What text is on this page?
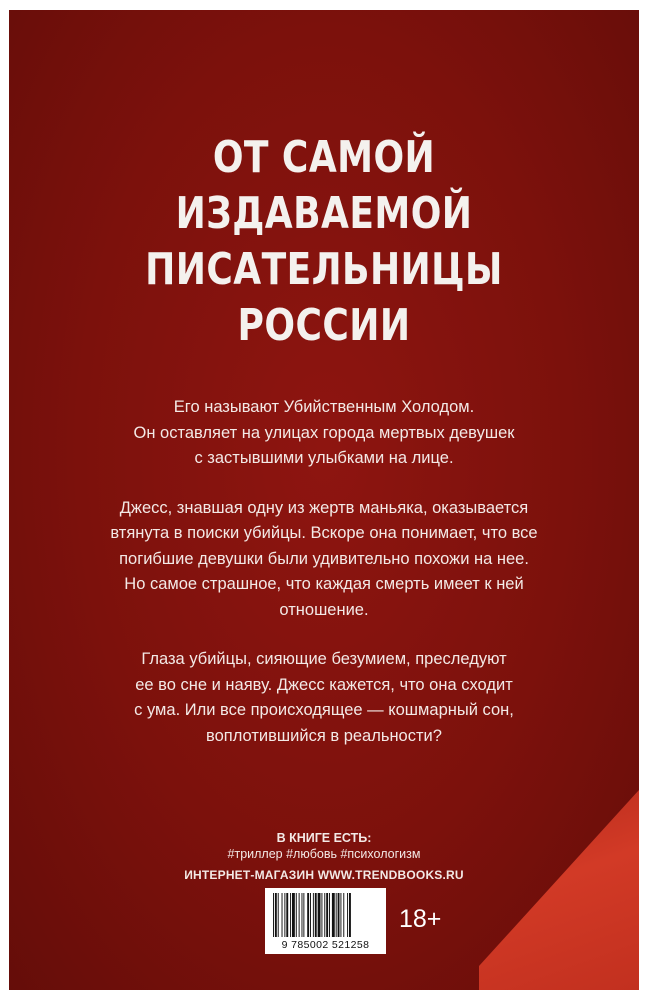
ОТ САМОЙ
ИЗДАВАЕМОЙ
ПИСАТЕЛЬНИЦЫ
РОССИИ

Его называют Убийственным Холодом.
Он оставляет на улицах города мертвых девушек
с застывшими улыбками на лице.

Джесс, знавшая одну из жертв маньяка, оказывается
втянута в поиски убийцы. Вскоре она понимает, что все
погибшие девушки были удивительно похожи на нее.
Но самое страшное, что каждая смерть имеет к ней
отношение.

Глаза убийцы, сияющие безумием, преследуют
ее во сне и наяву. Джесс кажется, что она сходит
с ума. Или все происходящее — кошмарный сон,
воплотившийся в реальности?

В КНИГЕ ЕСТЬ:
#триллер #любовь #психологизм
ИНТЕРНЕТ-МАГАЗИН WWW.TRENDBOOKS.RU
9 785002 521258
18+
